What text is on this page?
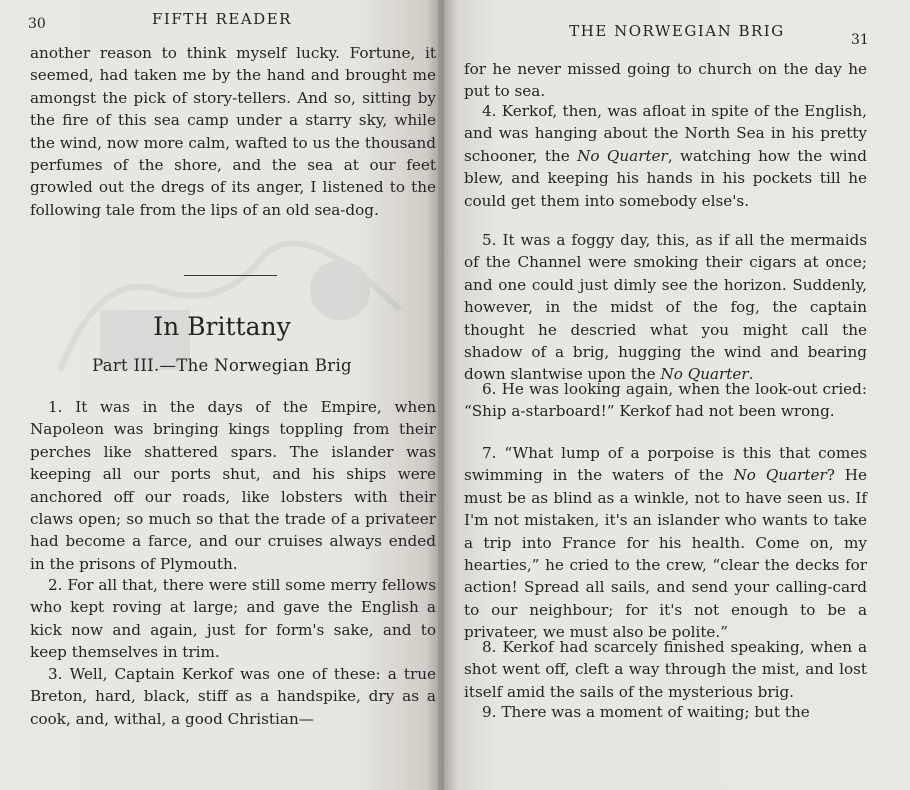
30	FIFTH READER

another reason to think myself lucky. Fortune, it seemed, had taken me by the hand and brought me amongst the pick of story-tellers. And so, sitting by the fire of this sea camp under a starry sky, while the wind, now more calm, wafted to us the thousand perfumes of the shore, and the sea at our feet growled out the dregs of its anger, I listened to the following tale from the lips of an old sea-dog.

In Brittany
Part III.—The Norwegian Brig

1. It was in the days of the Empire, when Napoleon was bringing kings toppling from their perches like shattered spars. The islander was keeping all our ports shut, and his ships were anchored off our roads, like lobsters with their claws open; so much so that the trade of a privateer had become a farce, and our cruises always ended in the prisons of Plymouth.

2. For all that, there were still some merry fellows who kept roving at large; and gave the English a kick now and again, just for form's sake, and to keep themselves in trim.

3. Well, Captain Kerkof was one of these: a true Breton, hard, black, stiff as a handspike, dry as a cook, and, withal, a good Christian—

THE NORWEGIAN BRIG	31

for he never missed going to church on the day he put to sea.

4. Kerkof, then, was afloat in spite of the English, and was hanging about the North Sea in his pretty schooner, the No Quarter, watching how the wind blew, and keeping his hands in his pockets till he could get them into somebody else's.

5. It was a foggy day, this, as if all the mermaids of the Channel were smoking their cigars at once; and one could just dimly see the horizon. Suddenly, however, in the midst of the fog, the captain thought he descried what you might call the shadow of a brig, hugging the wind and bearing down slantwise upon the No Quarter.

6. He was looking again, when the look-out cried: “Ship a-starboard!” Kerkof had not been wrong.

7. “What lump of a porpoise is this that comes swimming in the waters of the No Quarter? He must be as blind as a winkle, not to have seen us. If I'm not mistaken, it's an islander who wants to take a trip into France for his health. Come on, my hearties,” he cried to the crew, “clear the decks for action! Spread all sails, and send your calling-card to our neighbour; for it's not enough to be a privateer, we must also be polite.”

8. Kerkof had scarcely finished speaking, when a shot went off, cleft a way through the mist, and lost itself amid the sails of the mysterious brig.

9. There was a moment of waiting; but the
